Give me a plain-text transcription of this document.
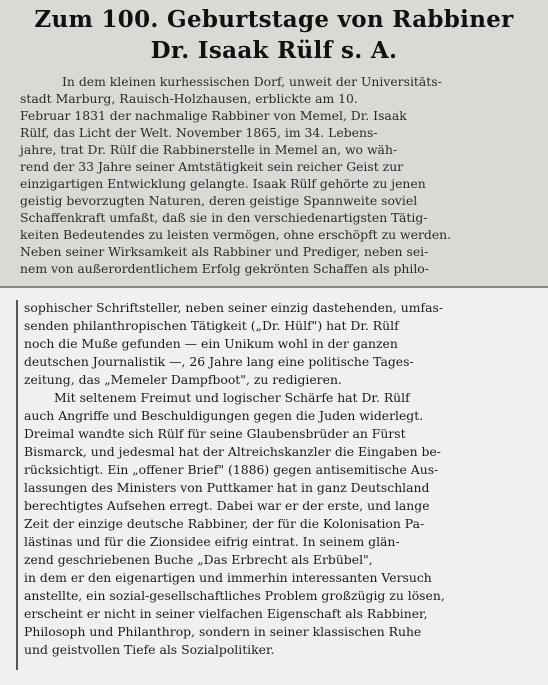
Zum 100. Geburtstage von Rabbiner
Dr. Isaak Rülf s. A.
In dem kleinen kurhessischen Dorf, unweit der Universitäts-
stadt Marburg, Rauisch-Holzhausen, erblickte am 10.
Februar 1831 der nachmalige Rabbiner von Memel, Dr. Isaak
Rülf, das Licht der Welt. November 1865, im 34. Lebens-
jahre, trat Dr. Rülf die Rabbinerstelle in Memel an, wo wäh-
rend der 33 Jahre seiner Amtstätigkeit sein reicher Geist zur
einzigartigen Entwicklung gelangte. Isaak Rülf gehörte zu jenen
geistig bevorzugten Naturen, deren geistige Spannweite soviel
Schaffenkraft umfaßt, daß sie in den verschiedenartigsten Tätig-
keiten Bedeutendes zu leisten vermögen, ohne erschöpft zu werden.
Neben seiner Wirksamkeit als Rabbiner und Prediger, neben sei-
nem von außerordentlichem Erfolg gekrönten Schaffen als philo-
sophischer Schriftsteller, neben seiner einzig dastehenden, umfas-
senden philanthropischen Tätigkeit („Dr. Hülf") hat Dr. Rülf
noch die Muße gefunden — ein Unikum wohl in der ganzen
deutschen Journalistik —, 26 Jahre lang eine politische Tages-
zeitung, das „Memeler Dampfboot", zu redigieren.
Mit seltenem Freimut und logischer Schärfe hat Dr. Rülf
auch Angriffe und Beschuldigungen gegen die Juden widerlegt.
Dreimal wandte sich Rülf für seine Glaubensbrüder an Fürst
Bismarck, und jedesmal hat der Altreichskanzler die Eingaben be-
rücksichtigt. Ein „offener Brief" (1886) gegen antisemitische Aus-
lassungen des Ministers von Puttkamer hat in ganz Deutschland
berechtigtes Aufsehen erregt. Dabei war er der erste, und lange
Zeit der einzige deutsche Rabbiner, der für die Kolonisation Pa-
lästinas und für die Zionsidee eifrig eintrat. In seinem glän-
zend geschriebenen Buche „Das Erbrecht als Erbübel",
in dem er den eigenartigen und immerhin interessanten Versuch
anstellte, ein sozial-gesellschaftliches Problem großzügig zu lösen,
erscheint er nicht in seiner vielfachen Eigenschaft als Rabbiner,
Philosoph und Philanthrop, sondern in seiner klassischen Ruhe
und geistvollen Tiefe als Sozialpolitiker.
